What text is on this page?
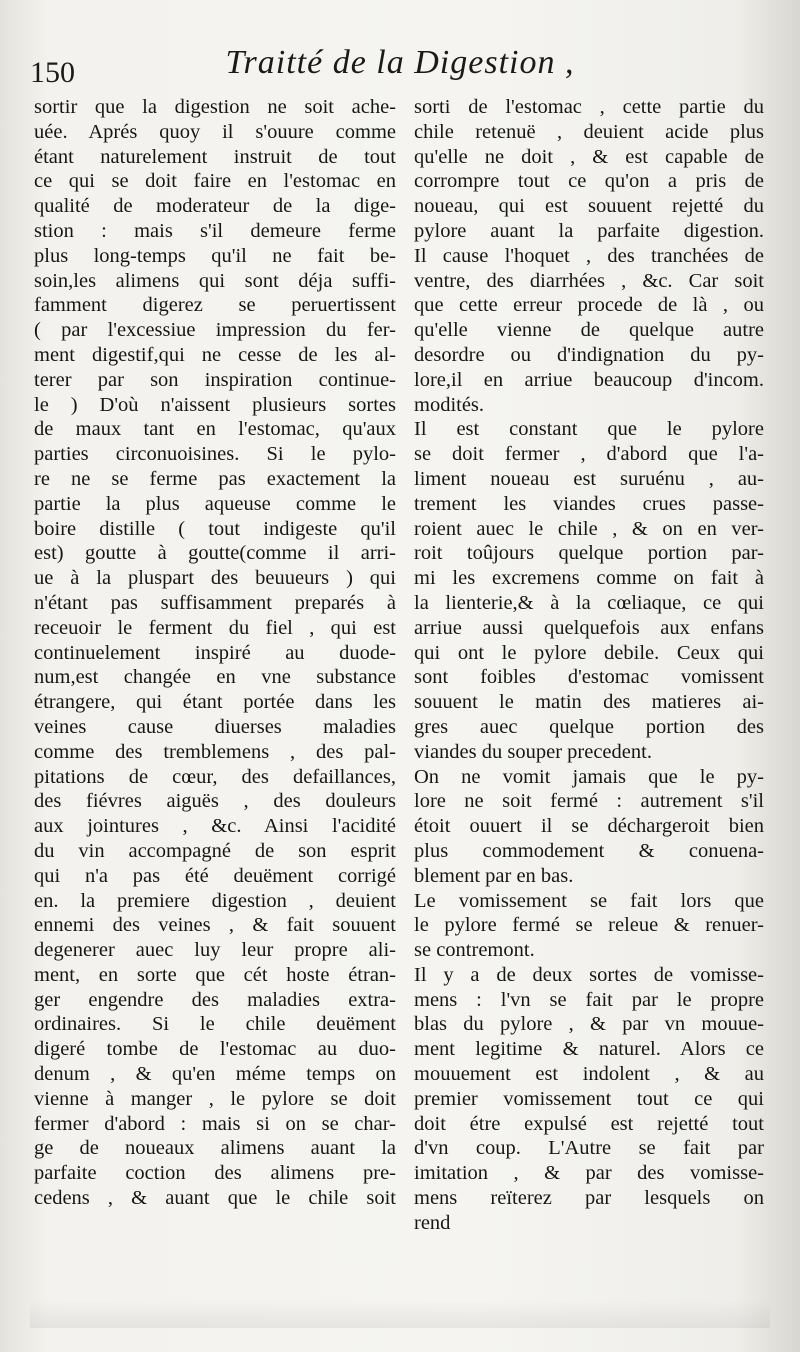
150	Traitté de la Digestion ,
sortir que la digestion ne soit ache-
uée. Aprés quoy il s'ouure comme
étant naturelement instruit de tout
ce qui se doit faire en l'estomac en
qualité de moderateur de la dige-
stion : mais s'il demeure ferme
plus long-temps qu'il ne fait be-
soin,les alimens qui sont déja suffi-
famment digerez se peruertissent
( par l'excessiue impression du fer-
ment digestif,qui ne cesse de les al-
terer par son inspiration continue-
le ) D'où n'aissent plusieurs sortes
de maux tant en l'estomac, qu'aux
parties circonuoisines. Si le pylo-
re ne se ferme pas exactement la
partie la plus aqueuse comme le
boire distille ( tout indigeste qu'il
est) goutte à goutte(comme il arri-
ue à la pluspart des beuueurs ) qui
n'étant pas suffisamment preparés à
receuoir le ferment du fiel , qui est
continuelement inspiré au duode-
num,est changée en vne substance
étrangere, qui étant portée dans les
veines cause diuerses maladies
comme des tremblemens , des pal-
pitations de cœur, des defaillances,
des fiévres aiguës , des douleurs
aux jointures , &c. Ainsi l'acidité
du vin accompagné de son esprit
qui n'a pas été deuëment corrigé
en. la premiere digestion , deuient
ennemi des veines , & fait souuent
degenerer auec luy leur propre ali-
ment, en sorte que cét hoste étran-
ger engendre des maladies extra-
ordinaires. Si le chile deuëment
digeré tombe de l'estomac au duo-
denum , & qu'en méme temps on
vienne à manger , le pylore se doit
fermer d'abord : mais si on se char-
ge de noueaux alimens auant la
parfaite coction des alimens pre-
cedens , & auant que le chile soit
sorti de l'estomac , cette partie du
chile retenuë , deuient acide plus
qu'elle ne doit , & est capable de
corrompre tout ce qu'on a pris de
noueau, qui est souuent rejetté du
pylore auant la parfaite digestion.
Il cause l'hoquet , des tranchées de
ventre, des diarrhées , &c. Car soit
que cette erreur procede de là , ou
qu'elle vienne de quelque autre
desordre ou d'indignation du py-
lore,il en arriue beaucoup d'incom.
modités.
Il est constant que le pylore
se doit fermer , d'abord que l'a-
liment noueau est suruénu , au-
trement les viandes crues passe-
roient auec le chile , & on en ver-
roit toûjours quelque portion par-
mi les excremens comme on fait à
la lienterie,& à la cœliaque, ce qui
arriue aussi quelquefois aux enfans
qui ont le pylore debile. Ceux qui
sont foibles d'estomac vomissent
souuent le matin des matieres ai-
gres auec quelque portion des
viandes du souper precedent.
On ne vomit jamais que le py-
lore ne soit fermé : autrement s'il
étoit ouuert il se déchargeroit bien
plus commodement & conuena-
blement par en bas.
Le vomissement se fait lors que
le pylore fermé se releue & renuer-
se contremont.
Il y a de deux sortes de vomisse-
mens : l'vn se fait par le propre
blas du pylore , & par vn mouue-
ment legitime & naturel. Alors ce
mouuement est indolent , & au
premier vomissement tout ce qui
doit étre expulsé est rejetté tout
d'vn coup. L'Autre se fait par
imitation , & par des vomisse-
mens reïterez par lesquels on
rend
